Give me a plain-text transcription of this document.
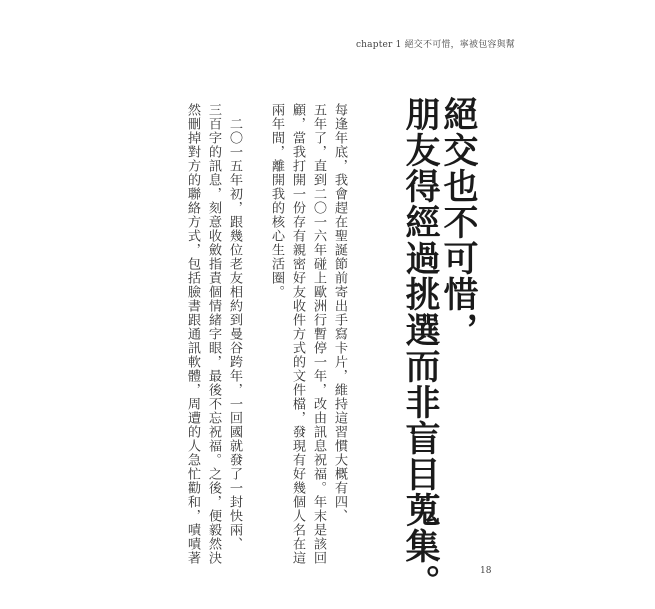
chapter 1 絕交不可惜，寧被包容與幫
絕交也不可惜，
朋友得經過挑選而非盲目蒐集。
每逢年底，我會趕在聖誕節前寄出手寫卡片，維持這習慣大概有四、
五年了，直到二〇一六年碰上歐洲行暫停一年，改由訊息祝福。年末是該回
顧，當我打開一份存有親密好友收件方式的文件檔，發現有好幾個人名在這
兩年間，離開我的核心生活圈。
二〇一五年初，跟幾位老友相約到曼谷跨年，一回國就發了一封快兩、
三百字的訊息，刻意收斂指責個情緒字眼，最後不忘祝福。之後，便毅然決
然刪掉對方的聯絡方式，包括臉書跟通訊軟體，周遭的人急忙勸和，嘖嘖著
18
